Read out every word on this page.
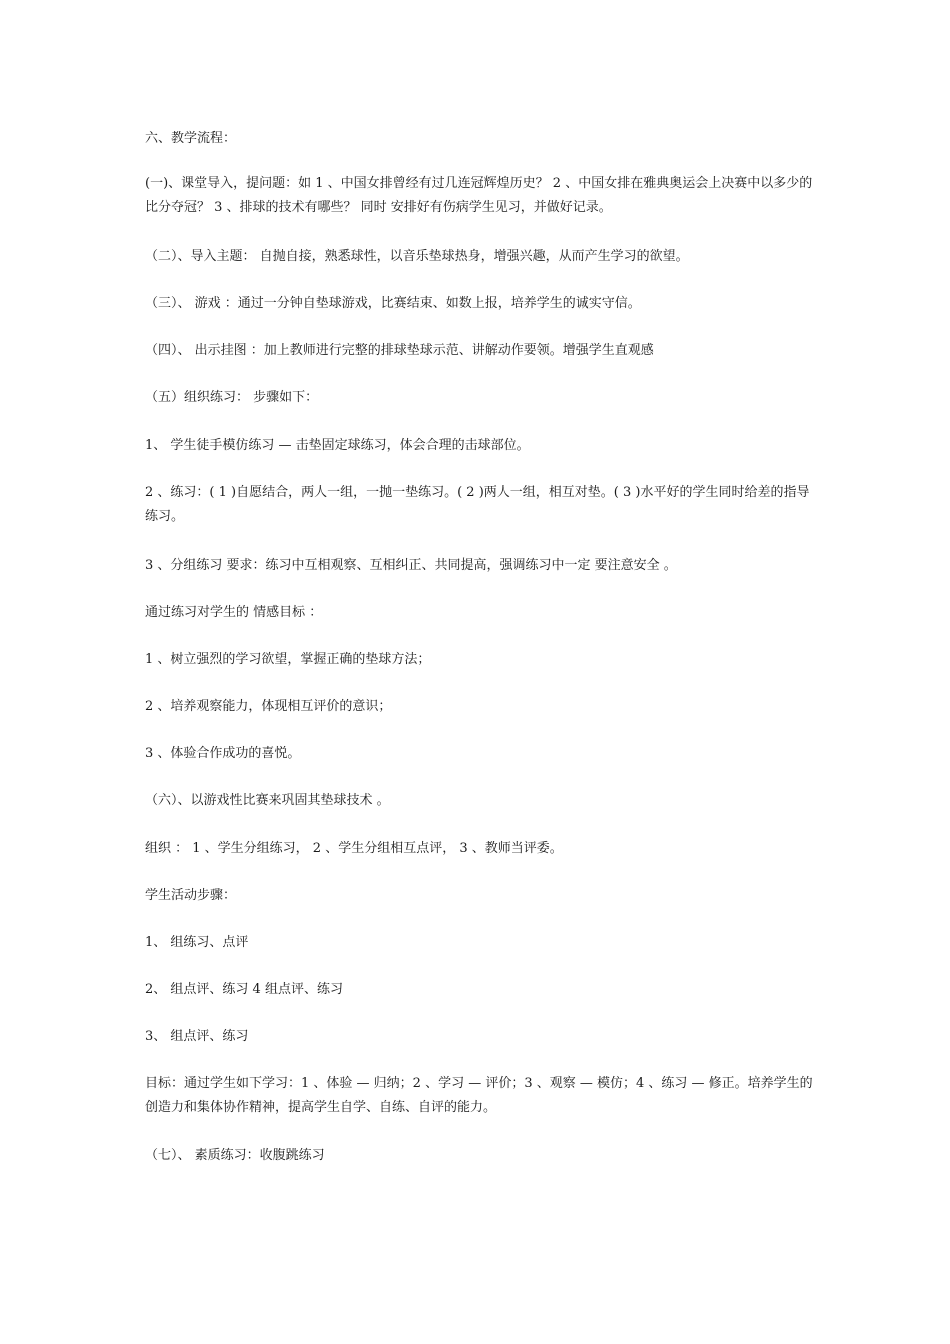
六、教学流程：
(一)、课堂导入，提问题：如 1 、中国女排曾经有过几连冠辉煌历史？ 2 、中国女排在雅典奥运会上决赛中以多少的比分夺冠？ 3 、排球的技术有哪些？ 同时 安排好有伤病学生见习，并做好记录。
（二）、导入主题： 自抛自接，熟悉球性，以音乐垫球热身，增强兴趣，从而产生学习的欲望。
（三）、 游戏 ：通过一分钟自垫球游戏，比赛结束、如数上报，培养学生的诚实守信。
（四）、 出示挂图 ：加上教师进行完整的排球垫球示范、讲解动作要领。增强学生直观感
（五）组织练习： 步骤如下：
1、 学生徒手模仿练习 — 击垫固定球练习，体会合理的击球部位。
2 、练习：( 1 )自愿结合，两人一组，一抛一垫练习。( 2 )两人一组，相互对垫。( 3 )水平好的学生同时给差的指导 练习。
3 、分组练习 要求：练习中互相观察、互相纠正、共同提高，强调练习中一定 要注意安全 。
通过练习对学生的 情感目标 ：
1 、树立强烈的学习欲望，掌握正确的垫球方法；
2 、培养观察能力，体现相互评价的意识；
3 、体验合作成功的喜悦。
（六）、以游戏性比赛来巩固其垫球技术 。
组织 ： 1 、学生分组练习， 2 、学生分组相互点评， 3 、教师当评委。
学生活动步骤：
1、 组练习、点评
2、 组点评、练习 4 组点评、练习
3、 组点评、练习
目标：通过学生如下学习：1 、体验 — 归纳；2 、学习 — 评价；3 、观察 — 模仿；4 、练习 — 修正。培养学生的创造力和集体协作精神，提高学生自学、自练、自评的能力。
（七）、 素质练习：收腹跳练习
